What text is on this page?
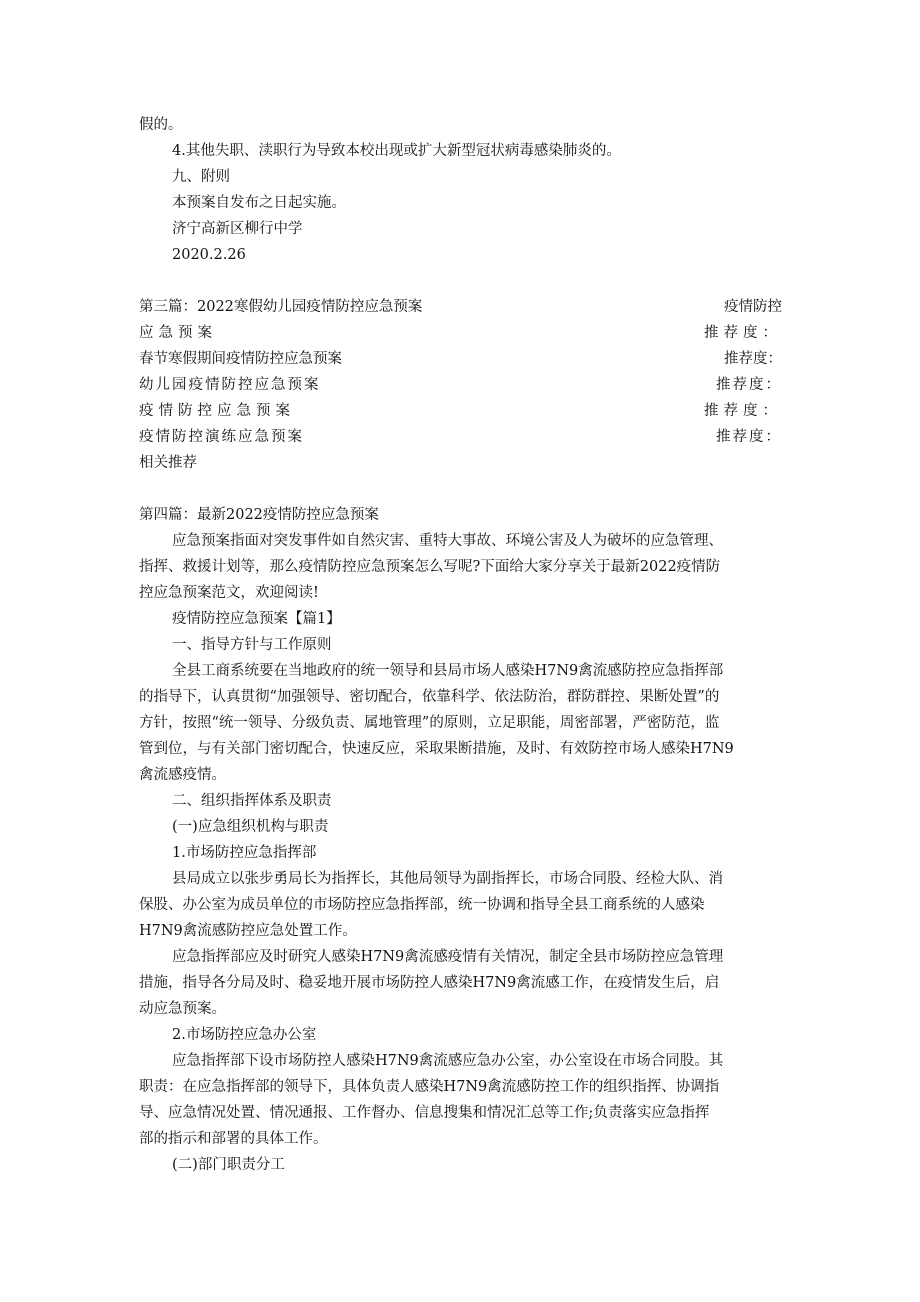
假的。
4.其他失职、渎职行为导致本校出现或扩大新型冠状病毒感染肺炎的。
九、附则
本预案自发布之日起实施。
济宁高新区柳行中学
2020.2.26
第三篇：2022寒假幼儿园疫情防控应急预案	疫情防控
应急预案	推荐度：
春节寒假期间疫情防控应急预案	推荐度：
幼儿园疫情防控应急预案	推荐度：
疫情防控应急预案	推荐度：
疫情防控演练应急预案	推荐度：
相关推荐
第四篇：最新2022疫情防控应急预案
应急预案指面对突发事件如自然灾害、重特大事故、环境公害及人为破坏的应急管理、
指挥、救援计划等，那么疫情防控应急预案怎么写呢?下面给大家分享关于最新2022疫情防
控应急预案范文，欢迎阅读!
疫情防控应急预案【篇1】
一、指导方针与工作原则
全县工商系统要在当地政府的统一领导和县局市场人感染H7N9禽流感防控应急指挥部
的指导下，认真贯彻“加强领导、密切配合，依靠科学、依法防治，群防群控、果断处置”的
方针，按照“统一领导、分级负责、属地管理”的原则，立足职能，周密部署，严密防范，监
管到位，与有关部门密切配合，快速反应，采取果断措施，及时、有效防控市场人感染H7N9
禽流感疫情。
二、组织指挥体系及职责
(一)应急组织机构与职责
1.市场防控应急指挥部
县局成立以张步勇局长为指挥长，其他局领导为副指挥长，市场合同股、经检大队、消
保股、办公室为成员单位的市场防控应急指挥部，统一协调和指导全县工商系统的人感染
H7N9禽流感防控应急处置工作。
应急指挥部应及时研究人感染H7N9禽流感疫情有关情况，制定全县市场防控应急管理
措施，指导各分局及时、稳妥地开展市场防控人感染H7N9禽流感工作，在疫情发生后，启
动应急预案。
2.市场防控应急办公室
应急指挥部下设市场防控人感染H7N9禽流感应急办公室，办公室设在市场合同股。其
职责：在应急指挥部的领导下，具体负责人感染H7N9禽流感防控工作的组织指挥、协调指
导、应急情况处置、情况通报、工作督办、信息搜集和情况汇总等工作;负责落实应急指挥
部的指示和部署的具体工作。
(二)部门职责分工
